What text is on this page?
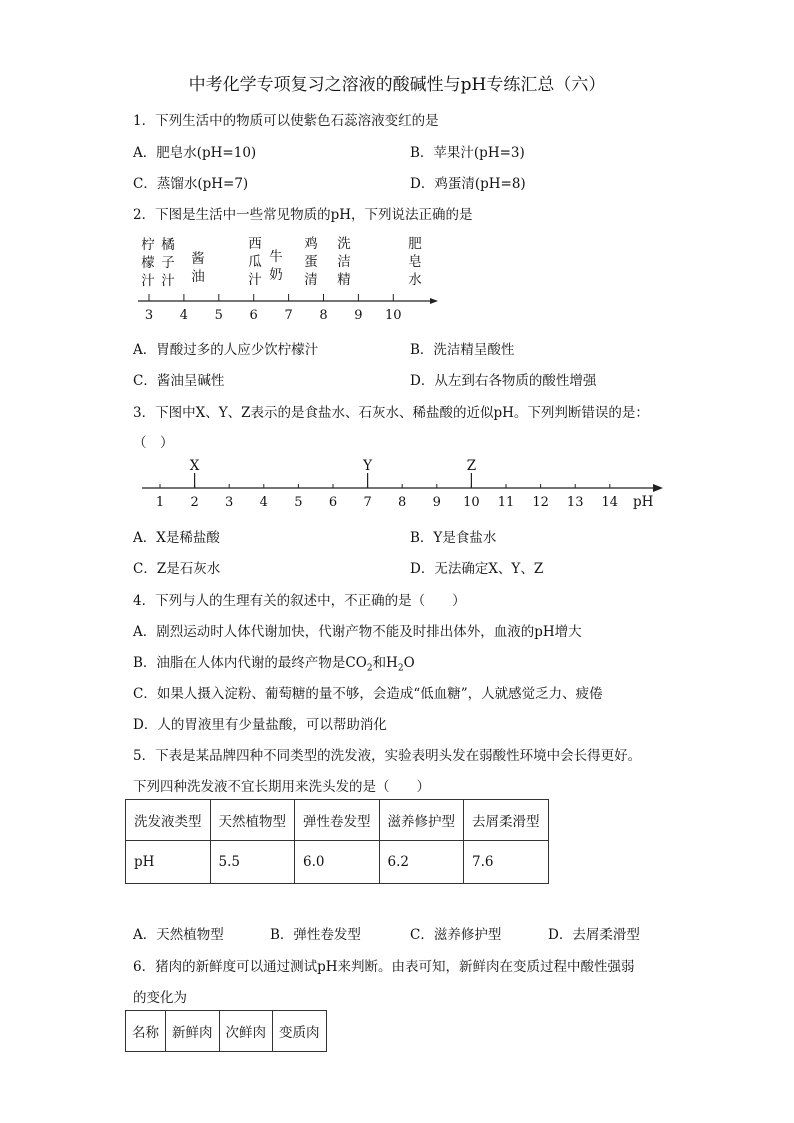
中考化学专项复习之溶液的酸碱性与pH专练汇总（六）
1．下列生活中的物质可以使紫色石蕊溶液变红的是
A．肥皂水(pH=10)	B．苹果汁(pH=3)
C．蒸馏水(pH=7)	D．鸡蛋清(pH=8)
2．下图是生活中一些常见物质的pH，下列说法正确的是
柠
檬
汁
橘
子
汁
酱
油
西
瓜
汁
牛
奶
鸡
蛋
清
洗
洁
精
肥
皂
水
3 4 5 6 7 8 9 10
A．胃酸过多的人应少饮柠檬汁	B．洗洁精呈酸性
C．酱油呈碱性	D．从左到右各物质的酸性增强
3．下图中X、Y、Z表示的是食盐水、石灰水、稀盐酸的近似pH。下列判断错误的是：
（　）
1 2 3 4 5 6 7 8 9 10 11 12 13 14
X	Y	Z
pH
A．X是稀盐酸	B．Y是食盐水
C．Z是石灰水	D．无法确定X、Y、Z
4．下列与人的生理有关的叙述中，不正确的是（　　）
A．剧烈运动时人体代谢加快，代谢产物不能及时排出体外，血液的pH增大
B．油脂在人体内代谢的最终产物是$CO_2$和$H_2O$
C．如果人摄入淀粉、葡萄糖的量不够，会造成“低血糖”，人就感觉乏力、疲倦
D．人的胃液里有少量盐酸，可以帮助消化
5．下表是某品牌四种不同类型的洗发液，实验表明头发在弱酸性环境中会长得更好。
下列四种洗发液不宜长期用来洗头发的是（　　）
洗发液类型	天然植物型	弹性卷发型	滋养修护型	去屑柔滑型
pH	5.5	6.0	6.2	7.6
A．天然植物型	B．弹性卷发型	C．滋养修护型	D．去屑柔滑型
6．猪肉的新鲜度可以通过测试pH来判断。由表可知，新鲜肉在变质过程中酸性强弱
的变化为
名称	新鲜肉	次鲜肉	变质肉
